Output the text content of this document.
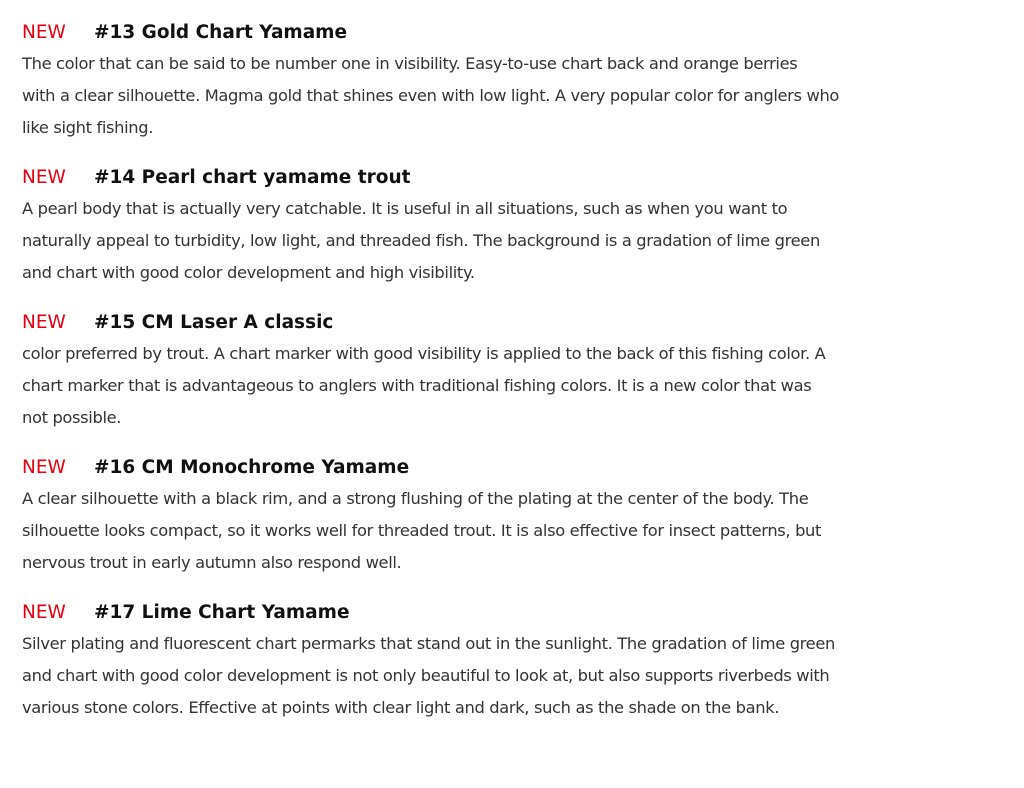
NEW	#13 Gold Chart Yamame

The color that can be said to be number one in visibility. Easy-to-use chart back and orange berries
with a clear silhouette. Magma gold that shines even with low light. A very popular color for anglers who
like sight fishing.

NEW	#14 Pearl chart yamame trout

A pearl body that is actually very catchable. It is useful in all situations, such as when you want to
naturally appeal to turbidity, low light, and threaded fish. The background is a gradation of lime green
and chart with good color development and high visibility.

NEW	#15 CM Laser A classic

color preferred by trout. A chart marker with good visibility is applied to the back of this fishing color. A
chart marker that is advantageous to anglers with traditional fishing colors. It is a new color that was
not possible.

NEW	#16 CM Monochrome Yamame

A clear silhouette with a black rim, and a strong flushing of the plating at the center of the body. The
silhouette looks compact, so it works well for threaded trout. It is also effective for insect patterns, but
nervous trout in early autumn also respond well.

NEW	#17 Lime Chart Yamame

Silver plating and fluorescent chart permarks that stand out in the sunlight. The gradation of lime green
and chart with good color development is not only beautiful to look at, but also supports riverbeds with
various stone colors. Effective at points with clear light and dark, such as the shade on the bank.
